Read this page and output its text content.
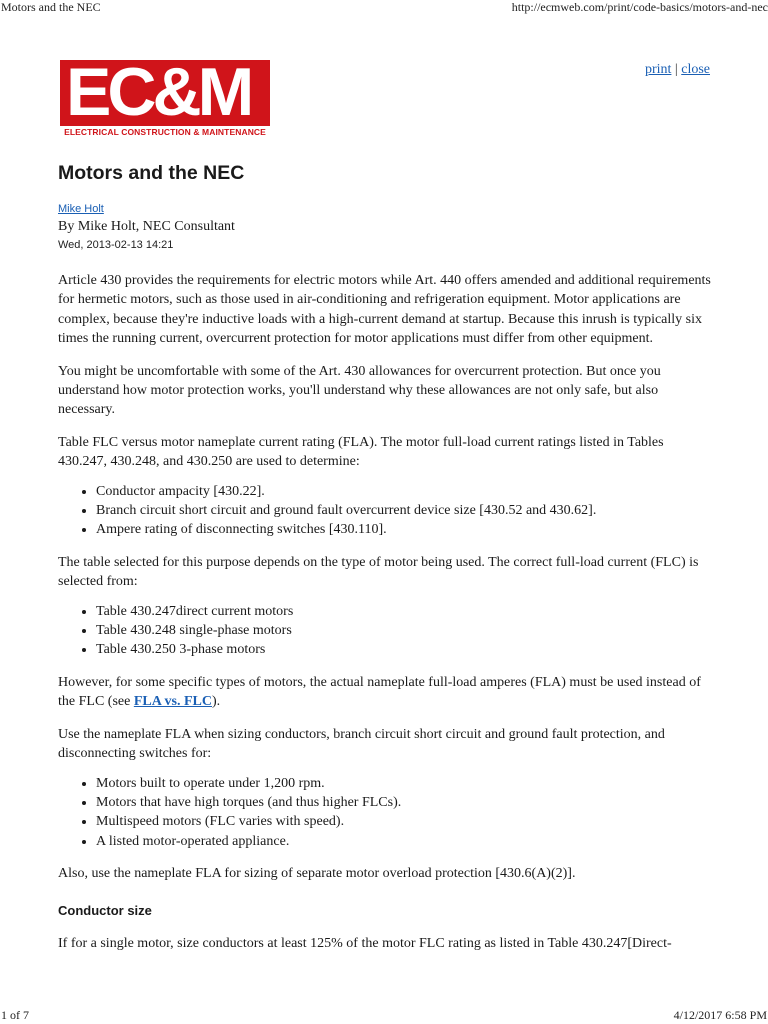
Motors and the NEC	http://ecmweb.com/print/code-basics/motors-and-nec
EC&M
ELECTRICAL CONSTRUCTION & MAINTENANCE
print | close
Motors and the NEC
Mike Holt
By Mike Holt, NEC Consultant
Wed, 2013-02-13 14:21

Article 430 provides the requirements for electric motors while Art. 440 offers amended and additional requirements for hermetic motors, such as those used in air-conditioning and refrigeration equipment. Motor applications are complex, because they're inductive loads with a high-current demand at startup. Because this inrush is typically six times the running current, overcurrent protection for motor applications must differ from other equipment.

You might be uncomfortable with some of the Art. 430 allowances for overcurrent protection. But once you understand how motor protection works, you'll understand why these allowances are not only safe, but also necessary.

Table FLC versus motor nameplate current rating (FLA). The motor full-load current ratings listed in Tables 430.247, 430.248, and 430.250 are used to determine:

• Conductor ampacity [430.22].
• Branch circuit short circuit and ground fault overcurrent device size [430.52 and 430.62].
• Ampere rating of disconnecting switches [430.110].

The table selected for this purpose depends on the type of motor being used. The correct full-load current (FLC) is selected from:

• Table 430.247direct current motors
• Table 430.248 single-phase motors
• Table 430.250 3-phase motors

However, for some specific types of motors, the actual nameplate full-load amperes (FLA) must be used instead of the FLC (see FLA vs. FLC).

Use the nameplate FLA when sizing conductors, branch circuit short circuit and ground fault protection, and disconnecting switches for:

• Motors built to operate under 1,200 rpm.
• Motors that have high torques (and thus higher FLCs).
• Multispeed motors (FLC varies with speed).
• A listed motor-operated appliance.

Also, use the nameplate FLA for sizing of separate motor overload protection [430.6(A)(2)].

Conductor size

If for a single motor, size conductors at least 125% of the motor FLC rating as listed in Table 430.247[Direct-

1 of 7	4/12/2017 6:58 PM
